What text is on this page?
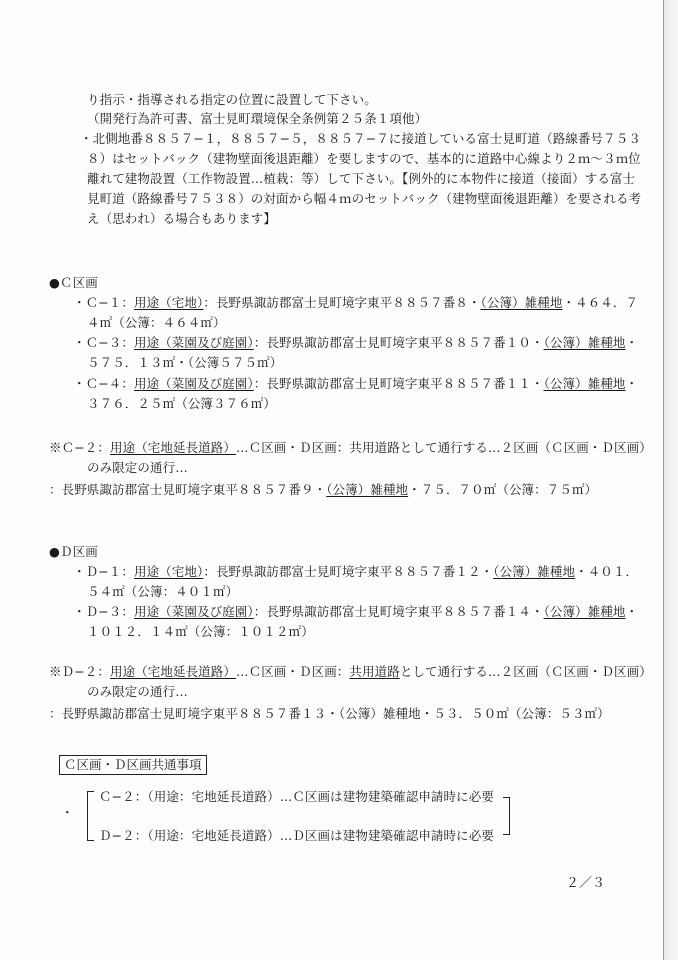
り指示・指導される指定の位置に設置して下さい。
（開発行為許可書、富士見町環境保全条例第２５条１項他）
・北側地番８８５７−１，８８５７−５，８８５７−７に接道している富士見町道（路線番号７５３
８）はセットバック（建物壁面後退距離）を要しますので、基本的に道路中心線より２ｍ〜３ｍ位
離れて建物設置（工作物設置…植栽：等）して下さい。【例外的に本物件に接道（接面）する富士
見町道（路線番号７５３８）の対面から幅４ｍのセットバック（建物壁面後退距離）を要される考
え（思われ）る場合もあります】
●Ｃ区画
・Ｃ−１：用途（宅地）：長野県諏訪郡富士見町境字東平８８５７番８・（公簿）雑種地・４６４．７
４㎡（公簿：４６４㎡）
・Ｃ−３：用途（菜園及び庭園）：長野県諏訪郡富士見町境字東平８８５７番１０・（公簿）雑種地・
５７５．１３㎡・（公簿５７５㎡）
・Ｃ−４：用途（菜園及び庭園）：長野県諏訪郡富士見町境字東平８８５７番１１・（公簿）雑種地・
３７６．２５㎡（公簿３７６㎡）
※Ｃ−２：用途（宅地延長道路）…Ｃ区画・Ｄ区画：共用道路として通行する…２区画（Ｃ区画・Ｄ区画）
のみ限定の通行…
：長野県諏訪郡富士見町境字東平８８５７番９・（公簿）雑種地・７５．７０㎡（公簿：７５㎡）
●Ｄ区画
・Ｄ−１：用途（宅地）：長野県諏訪郡富士見町境字東平８８５７番１２・（公簿）雑種地・４０１．
５４㎡（公簿：４０１㎡）
・Ｄ−３：用途（菜園及び庭園）：長野県諏訪郡富士見町境字東平８８５７番１４・（公簿）雑種地・
１０１２．１４㎡（公簿：１０１２㎡）
※Ｄ−２：用途（宅地延長道路）…Ｃ区画・Ｄ区画：共用道路として通行する…２区画（Ｃ区画・Ｄ区画）
のみ限定の通行…
：長野県諏訪郡富士見町境字東平８８５７番１３・（公簿）雑種地・５３．５０㎡（公簿：５３㎡）
Ｃ区画・Ｄ区画共通事項
・
Ｃ−２：（用途：宅地延長道路）…Ｃ区画は建物建築確認申請時に必要
Ｄ−２：（用途：宅地延長道路）…Ｄ区画は建物建築確認申請時に必要
２／３
